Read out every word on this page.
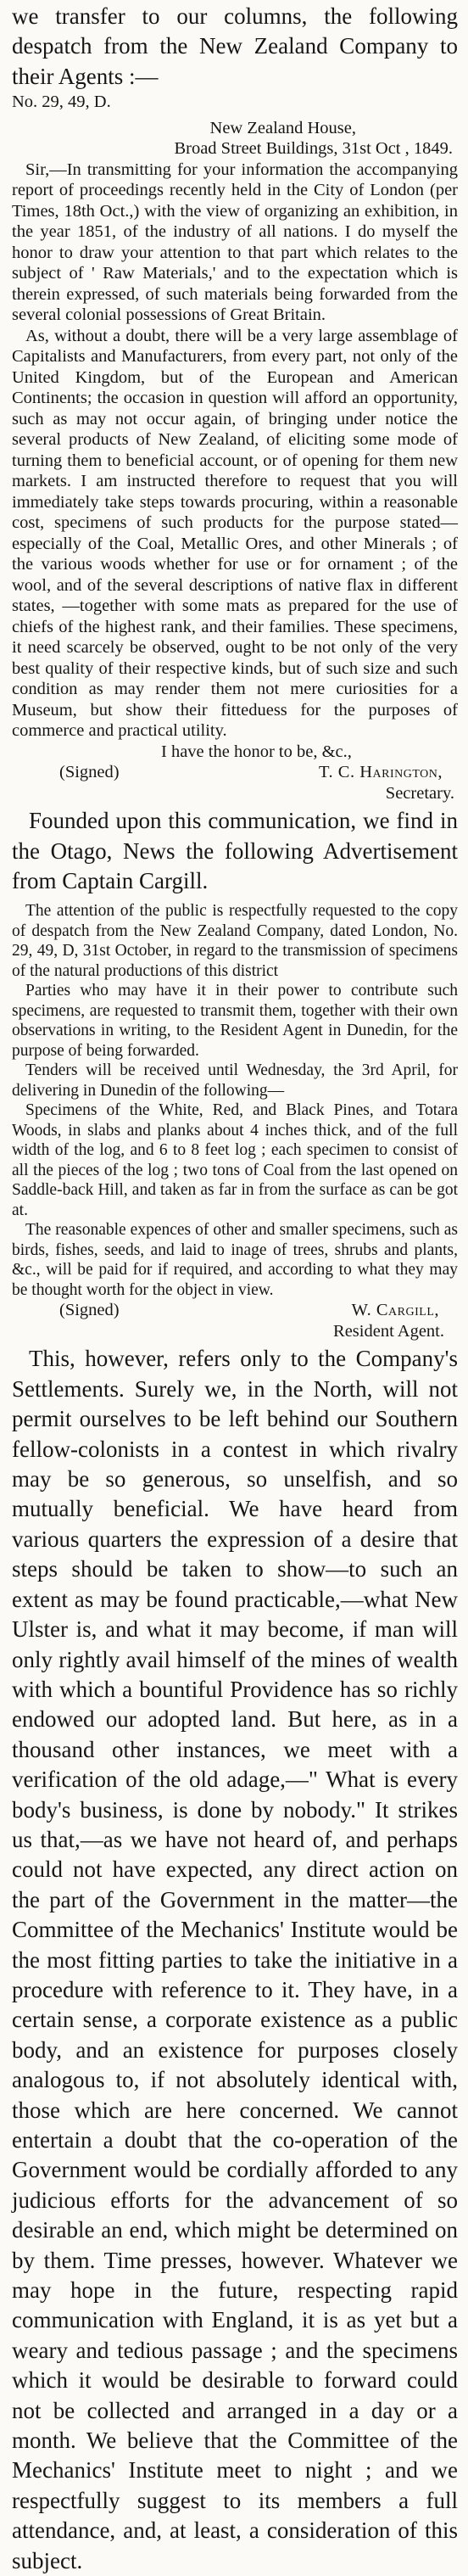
we transfer to our columns, the following despatch from the New Zealand Company to their Agents :—

No. 29, 49, D.

New Zealand House,

Broad Street Buildings, 31st Oct , 1849.

Sir,—In transmitting for your information the accompanying report of proceedings recently held in the City of London (per Times, 18th Oct.,) with the view of organizing an exhibition, in the year 1851, of the industry of all nations. I do myself the honor to draw your attention to that part which relates to the subject of ' Raw Materials,' and to the expectation which is therein expressed, of such materials being forwarded from the several colonial possessions of Great Britain.

As, without a doubt, there will be a very large assemblage of Capitalists and Manufacturers, from every part, not only of the United Kingdom, but of the European and American Continents; the occasion in question will afford an opportunity, such as may not occur again, of bringing under notice the several products of New Zealand, of eliciting some mode of turning them to beneficial account, or of opening for them new markets. I am instructed therefore to request that you will immediately take steps towards procuring, within a reasonable cost, specimens of such products for the purpose stated—especially of the Coal, Metallic Ores, and other Minerals ; of the various woods whether for use or for ornament ; of the wool, and of the several descriptions of native flax in different states, —together with some mats as prepared for the use of chiefs of the highest rank, and their families. These specimens, it need scarcely be observed, ought to be not only of the very best quality of their respective kinds, but of such size and such condition as may render them not mere curiosities for a Museum, but show their fitteduess for the purposes of commerce and practical utility.

I have the honor to be, &c.,

(Signed)	T. C. Harington,

Secretary.

Founded upon this communication, we find in the Otago, News the following Advertisement from Captain Cargill.

The attention of the public is respectfully requested to the copy of despatch from the New Zealand Company, dated London, No. 29, 49, D, 31st October, in regard to the transmission of specimens of the natural productions of this district

Parties who may have it in their power to contribute such specimens, are requested to transmit them, together with their own observations in writing, to the Resident Agent in Dunedin, for the purpose of being forwarded.

Tenders will be received until Wednesday, the 3rd April, for delivering in Dunedin of the following—

Specimens of the White, Red, and Black Pines, and Totara Woods, in slabs and planks about 4 inches thick, and of the full width of the log, and 6 to 8 feet log ; each specimen to consist of all the pieces of the log ; two tons of Coal from the last opened on Saddle-back Hill, and taken as far in from the surface as can be got at.

The reasonable expences of other and smaller specimens, such as birds, fishes, seeds, and laid to inage of trees, shrubs and plants, &c., will be paid for if required, and according to what they may be thought worth for the object in view.

(Signed)	W. Cargill,

Resident Agent.

This, however, refers only to the Company's Settlements. Surely we, in the North, will not permit ourselves to be left behind our Southern fellow-colonists in a contest in which rivalry may be so generous, so unselfish, and so mutually beneficial. We have heard from various quarters the expression of a desire that steps should be taken to show—to such an extent as may be found practicable,—what New Ulster is, and what it may become, if man will only rightly avail himself of the mines of wealth with which a bountiful Providence has so richly endowed our adopted land. But here, as in a thousand other instances, we meet with a verification of the old adage,—" What is every body's business, is done by nobody." It strikes us that,—as we have not heard of, and perhaps could not have expected, any direct action on the part of the Government in the matter—the Committee of the Mechanics' Institute would be the most fitting parties to take the initiative in a procedure with reference to it. They have, in a certain sense, a corporate existence as a public body, and an existence for purposes closely analogous to, if not absolutely identical with, those which are here concerned. We cannot entertain a doubt that the co-operation of the Government would be cordially afforded to any judicious efforts for the advancement of so desirable an end, which might be determined on by them. Time presses, however. Whatever we may hope in the future, respecting rapid communication with England, it is as yet but a weary and tedious passage ; and the specimens which it would be desirable to forward could not be collected and arranged in a day or a month. We believe that the Committee of the Mechanics' Institute meet to night ; and we respectfully suggest to its members a full attendance, and, at least, a consideration of this subject.
